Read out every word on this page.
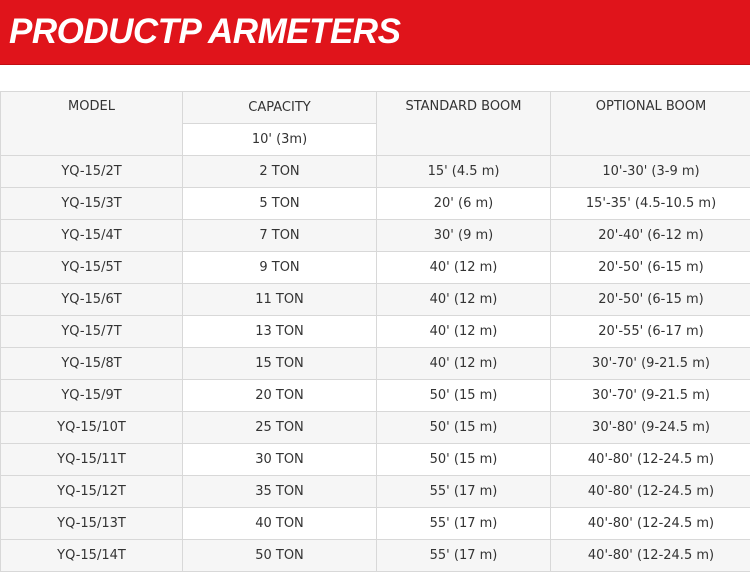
PRODUCTP ARMETERS
MODEL	CAPACITY	STANDARD BOOM	OPTIONAL BOOM
	10' (3m)		
YQ-15/2T	2 TON	15' (4.5 m)	10'-30' (3-9 m)
YQ-15/3T	5 TON	20' (6 m)	15'-35' (4.5-10.5 m)
YQ-15/4T	7 TON	30' (9 m)	20'-40' (6-12 m)
YQ-15/5T	9 TON	40' (12 m)	20'-50' (6-15 m)
YQ-15/6T	11 TON	40' (12 m)	20'-50' (6-15 m)
YQ-15/7T	13 TON	40' (12 m)	20'-55' (6-17 m)
YQ-15/8T	15 TON	40' (12 m)	30'-70' (9-21.5 m)
YQ-15/9T	20 TON	50' (15 m)	30'-70' (9-21.5 m)
YQ-15/10T	25 TON	50' (15 m)	30'-80' (9-24.5 m)
YQ-15/11T	30 TON	50' (15 m)	40'-80' (12-24.5 m)
YQ-15/12T	35 TON	55' (17 m)	40'-80' (12-24.5 m)
YQ-15/13T	40 TON	55' (17 m)	40'-80' (12-24.5 m)
YQ-15/14T	50 TON	55' (17 m)	40'-80' (12-24.5 m)
